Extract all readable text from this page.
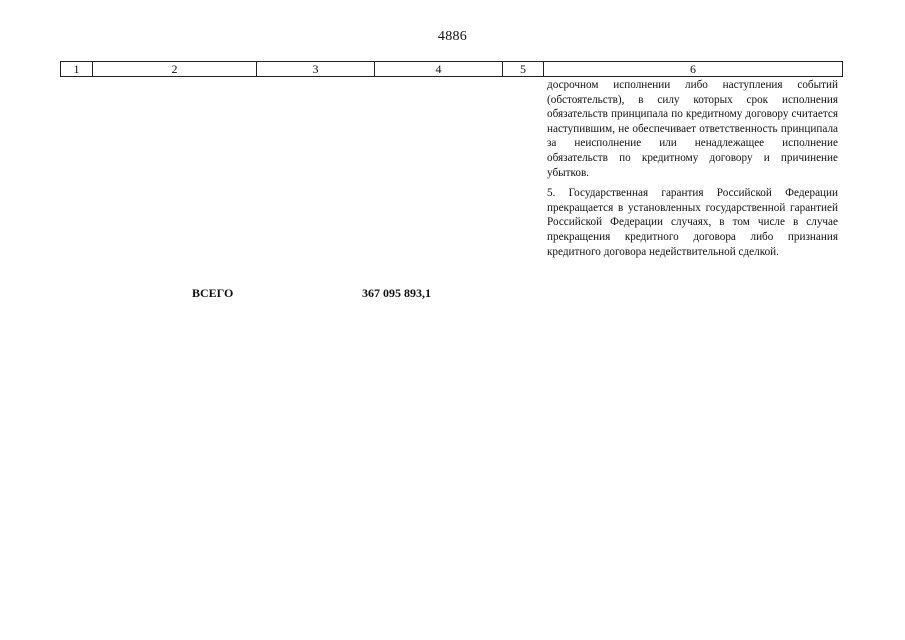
4886
1	2	3	4	5	6

досрочном исполнении либо наступления событий (обстоятельств), в силу которых срок исполнения обязательств принципала по кредитному договору считается наступившим, не обеспечивает ответственность принципала за неисполнение или ненадлежащее исполнение обязательств по кредитному договору и причинение убытков.

5. Государственная гарантия Российской Федерации прекращается в установленных государственной гарантией Российской Федерации случаях, в том числе в случае прекращения кредитного договора либо признания кредитного договора недействительной сделкой.

ВСЕГО	367 095 893,1
